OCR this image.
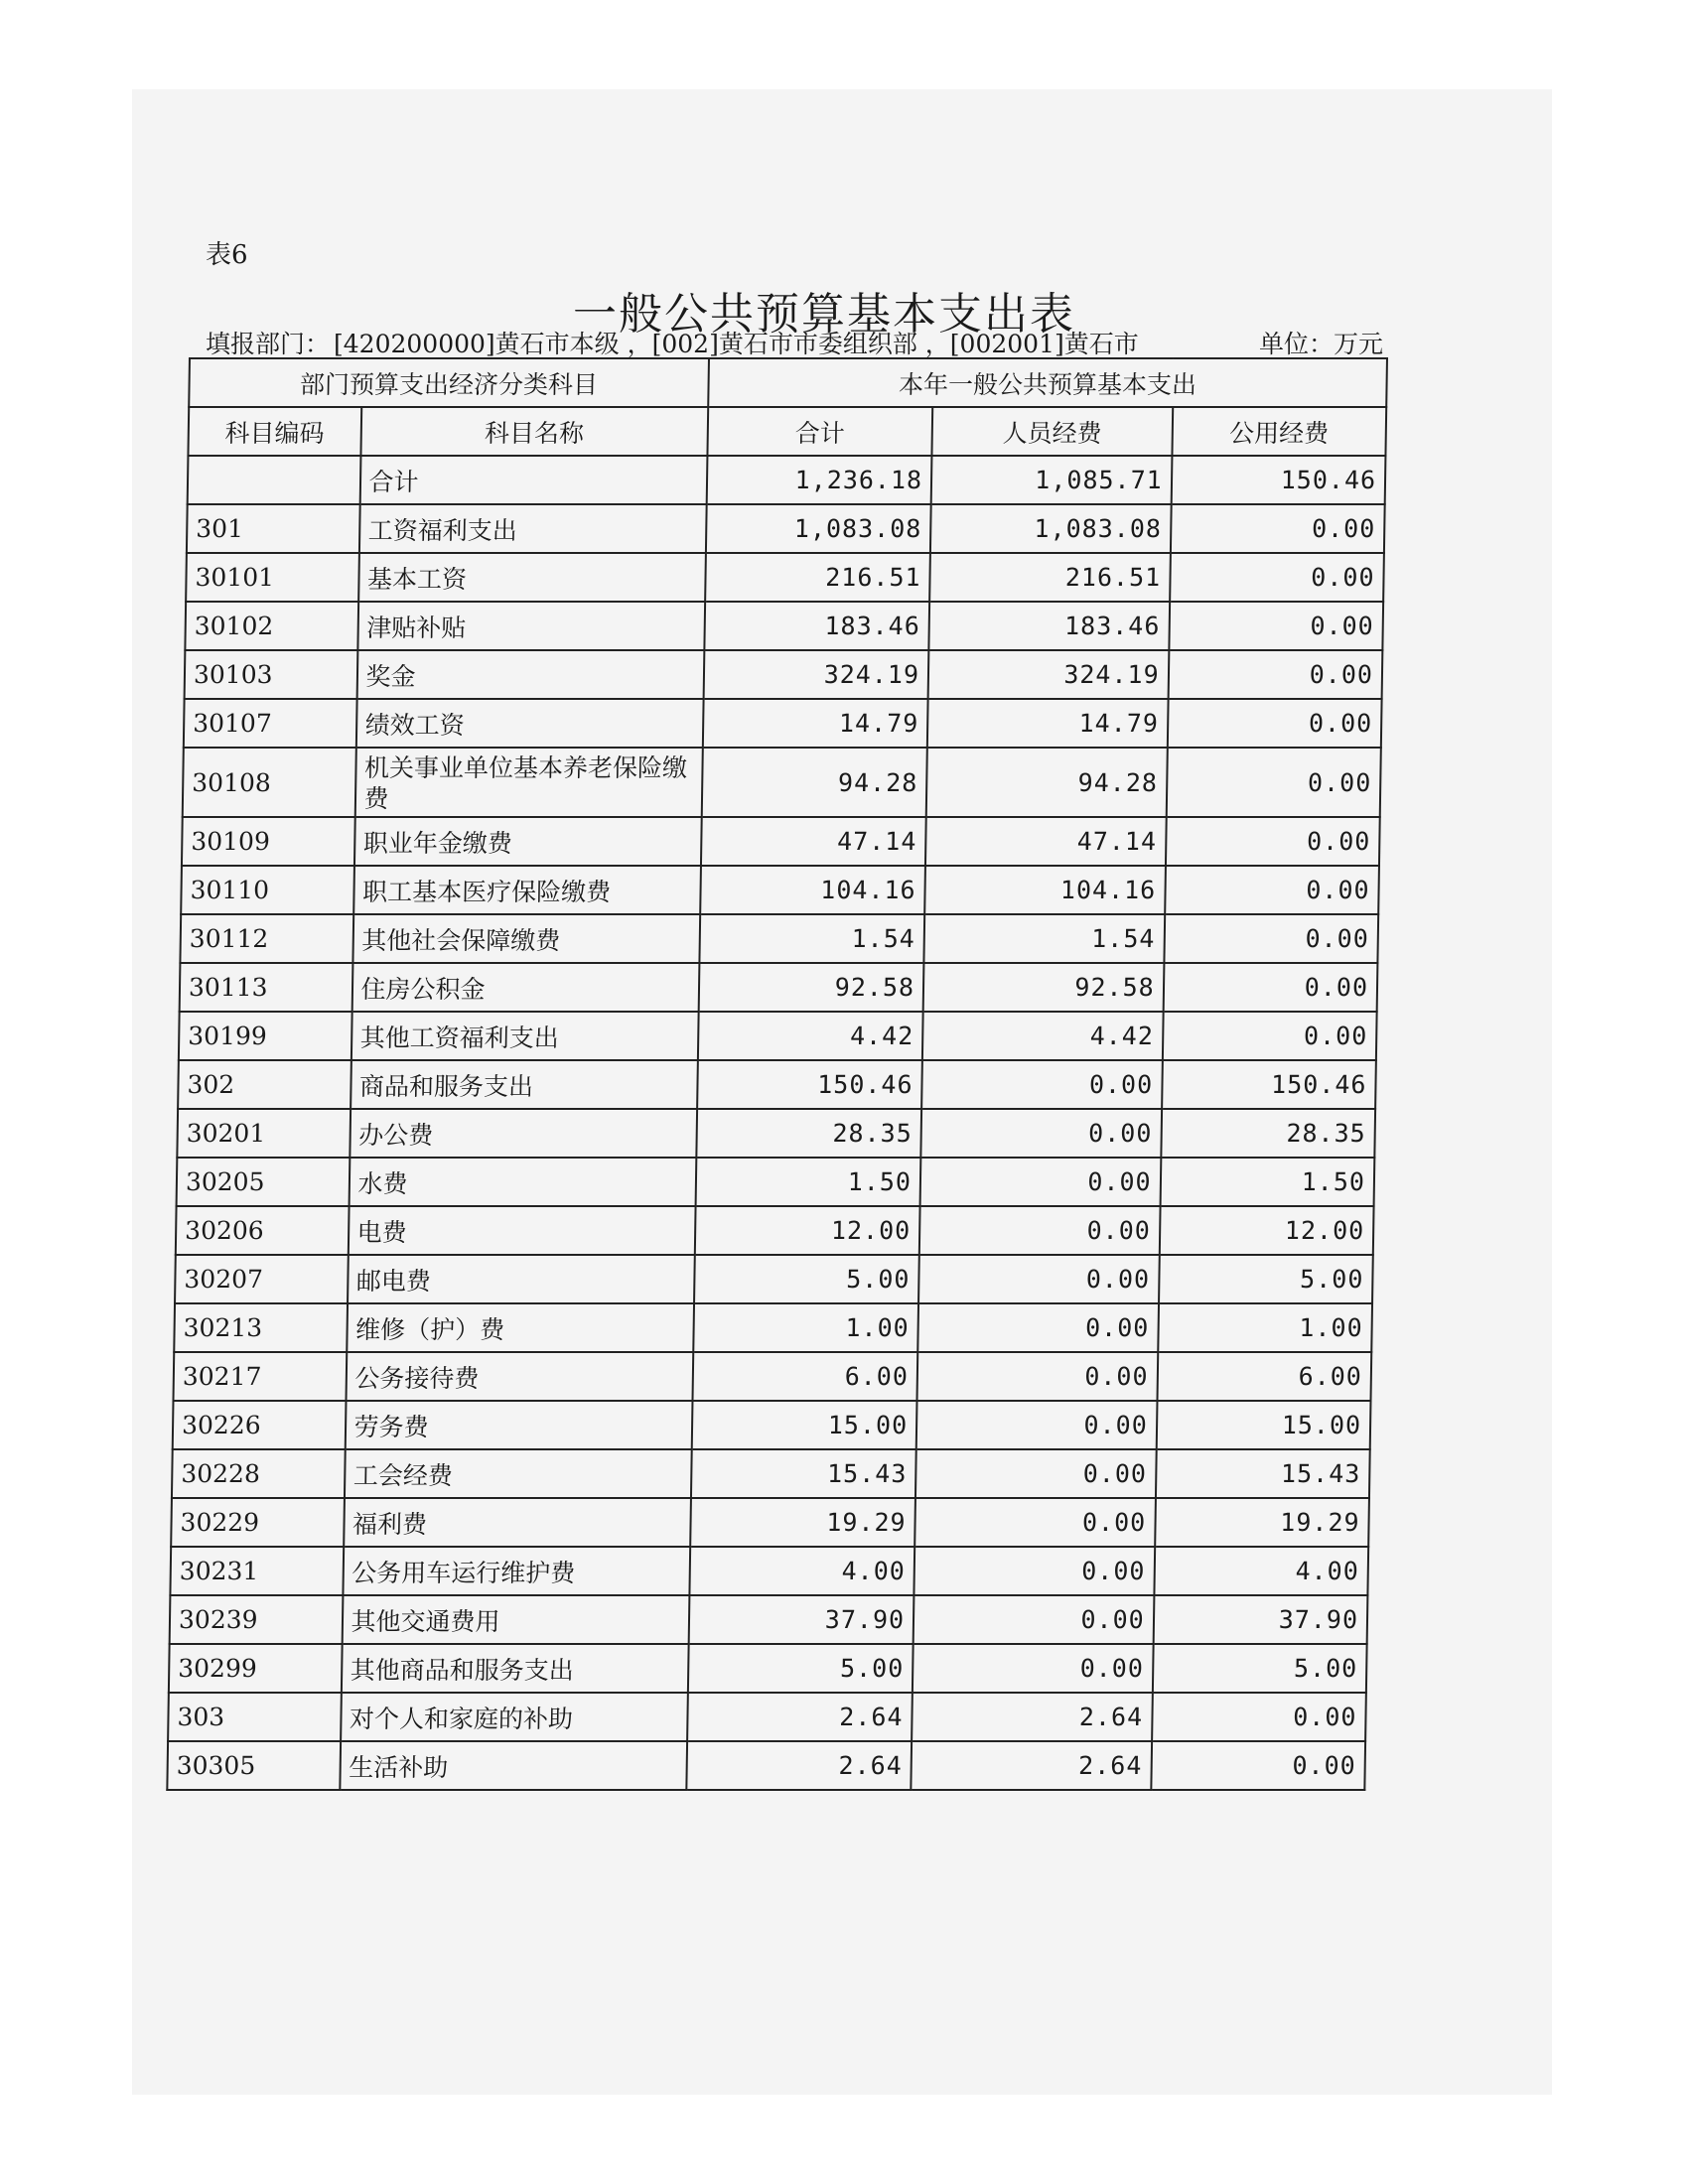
表6
一般公共预算基本支出表
填报部门： [420200000]黄石市本级 ，[002]黄石市市委组织部 ，[002001]黄石市	单位：万元
部门预算支出经济分类科目		本年一般公共预算基本支出		
科目编码	科目名称	合计	人员经费	公用经费
	合计	1,236.18	1,085.71	150.46
301	工资福利支出	1,083.08	1,083.08	0.00
30101	基本工资	216.51	216.51	0.00
30102	津贴补贴	183.46	183.46	0.00
30103	奖金	324.19	324.19	0.00
30107	绩效工资	14.79	14.79	0.00
30108	机关事业单位基本养老保险缴费	94.28	94.28	0.00
30109	职业年金缴费	47.14	47.14	0.00
30110	职工基本医疗保险缴费	104.16	104.16	0.00
30112	其他社会保障缴费	1.54	1.54	0.00
30113	住房公积金	92.58	92.58	0.00
30199	其他工资福利支出	4.42	4.42	0.00
302	商品和服务支出	150.46	0.00	150.46
30201	办公费	28.35	0.00	28.35
30205	水费	1.50	0.00	1.50
30206	电费	12.00	0.00	12.00
30207	邮电费	5.00	0.00	5.00
30213	维修（护）费	1.00	0.00	1.00
30217	公务接待费	6.00	0.00	6.00
30226	劳务费	15.00	0.00	15.00
30228	工会经费	15.43	0.00	15.43
30229	福利费	19.29	0.00	19.29
30231	公务用车运行维护费	4.00	0.00	4.00
30239	其他交通费用	37.90	0.00	37.90
30299	其他商品和服务支出	5.00	0.00	5.00
303	对个人和家庭的补助	2.64	2.64	0.00
30305	生活补助	2.64	2.64	0.00
